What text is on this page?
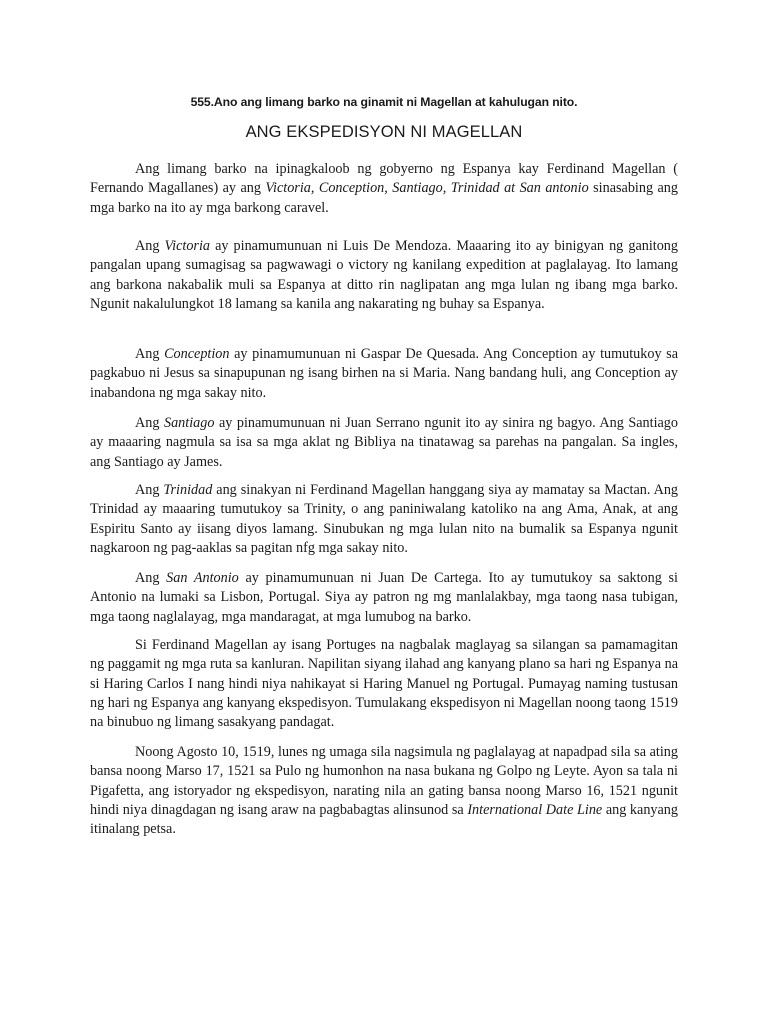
555.Ano ang limang barko na ginamit ni Magellan at kahulugan nito.
ANG EKSPEDISYON NI MAGELLAN

Ang limang barko na ipinagkaloob ng gobyerno ng Espanya kay Ferdinand Magellan ( Fernando Magallanes) ay ang Victoria, Conception, Santiago, Trinidad at San antonio sinasabing ang mga barko na ito ay mga barkong caravel.

Ang Victoria ay pinamumunuan ni Luis De Mendoza. Maaaring ito ay binigyan ng ganitong pangalan upang sumagisag sa pagwawagi o victory ng kanilang expedition at paglalayag. Ito lamang ang barkona nakabalik muli sa Espanya at ditto rin naglipatan ang mga lulan ng ibang mga barko. Ngunit nakalulungkot 18 lamang sa kanila ang nakarating ng buhay sa Espanya.

Ang Conception ay pinamumunuan ni Gaspar De Quesada. Ang Conception ay tumutukoy sa pagkabuo ni Jesus sa sinapupunan ng isang birhen na si Maria. Nang bandang huli, ang Conception ay inabandona ng mga sakay nito.

Ang Santiago ay pinamumunuan ni Juan Serrano ngunit ito ay sinira ng bagyo. Ang Santiago ay maaaring nagmula sa isa sa mga aklat ng Bibliya na tinatawag sa parehas na pangalan. Sa ingles, ang Santiago ay James.

Ang Trinidad ang sinakyan ni Ferdinand Magellan hanggang siya ay mamatay sa Mactan. Ang Trinidad ay maaaring tumutukoy sa Trinity, o ang paniniwalang katoliko na ang Ama, Anak, at ang Espiritu Santo ay iisang diyos lamang. Sinubukan ng mga lulan nito na bumalik sa Espanya ngunit nagkaroon ng pag-aaklas sa pagitan nfg mga sakay nito.

Ang San Antonio ay pinamumunuan ni Juan De Cartega. Ito ay tumutukoy sa saktong si Antonio na lumaki sa Lisbon, Portugal. Siya ay patron ng mg manlalakbay, mga taong nasa tubigan, mga taong naglalayag, mga mandaragat, at mga lumubog na barko.

Si Ferdinand Magellan ay isang Portuges na nagbalak maglayag sa silangan sa pamamagitan ng paggamit ng mga ruta sa kanluran. Napilitan siyang ilahad ang kanyang plano sa hari ng Espanya na si Haring Carlos I nang hindi niya nahikayat si Haring Manuel ng Portugal. Pumayag naming tustusan ng hari ng Espanya ang kanyang ekspedisyon. Tumulakang ekspedisyon ni Magellan noong taong 1519 na binubuo ng limang sasakyang pandagat.

Noong Agosto 10, 1519, lunes ng umaga sila nagsimula ng paglalayag at napadpad sila sa ating bansa noong Marso 17, 1521 sa Pulo ng humonhon na nasa bukana ng Golpo ng Leyte. Ayon sa tala ni Pigafetta, ang istoryador ng ekspedisyon, narating nila an gating bansa noong Marso 16, 1521 ngunit hindi niya dinagdagan ng isang araw na pagbabagtas alinsunod sa International Date Line ang kanyang itinalang petsa.
